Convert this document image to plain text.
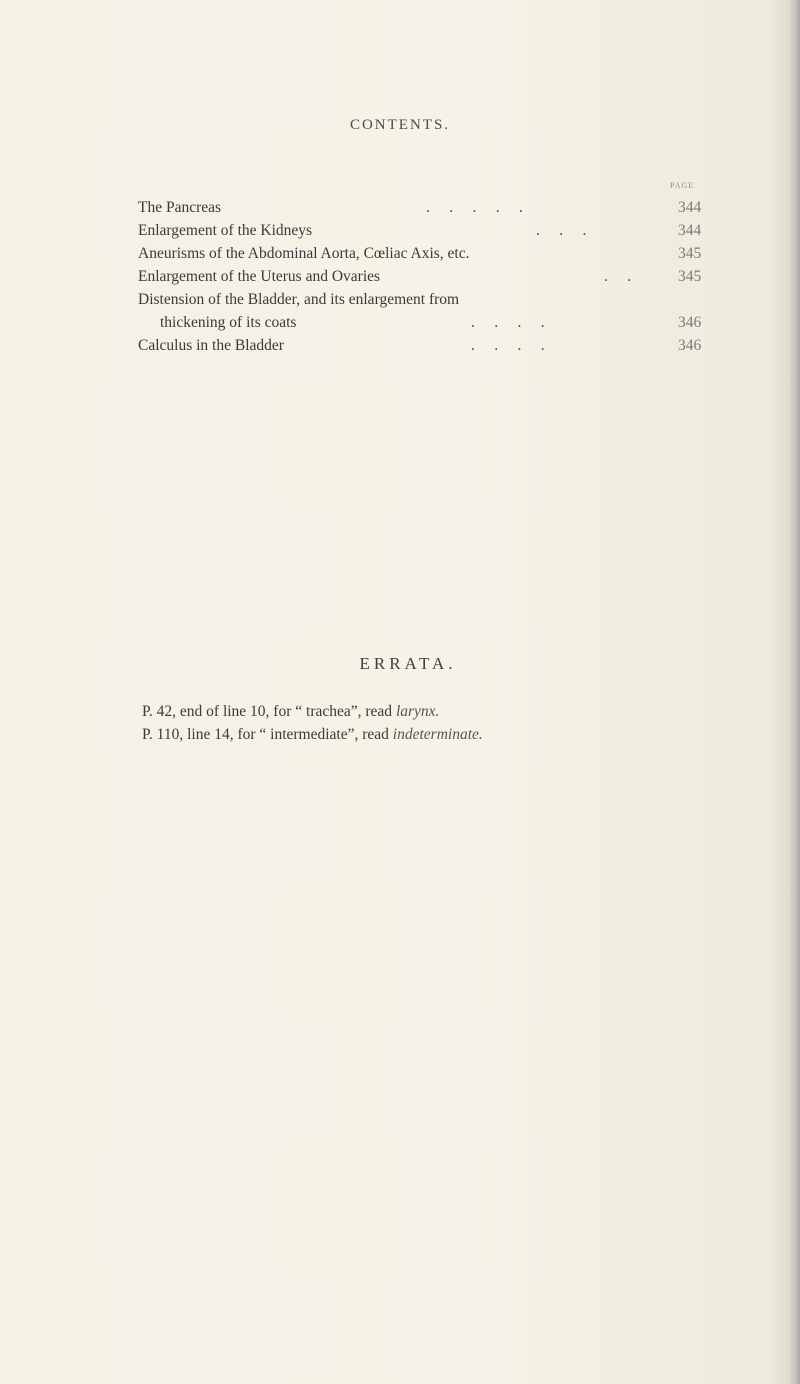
CONTENTS.
PAGE
The Pancreas	.     .     .     .     .	344
Enlargement of the Kidneys	.     .     .	344
Aneurisms of the Abdominal Aorta, Cœliac Axis, etc.	345
Enlargement of the Uterus and Ovaries	.     .	345
Distension of the Bladder, and its enlargement from
thickening of its coats	.     .     .     .	346
Calculus in the Bladder	.     .     .     .	346
ERRATA.
P. 42, end of line 10, for “ trachea”, read larynx.
P. 110, line 14, for “ intermediate”, read indeterminate.
